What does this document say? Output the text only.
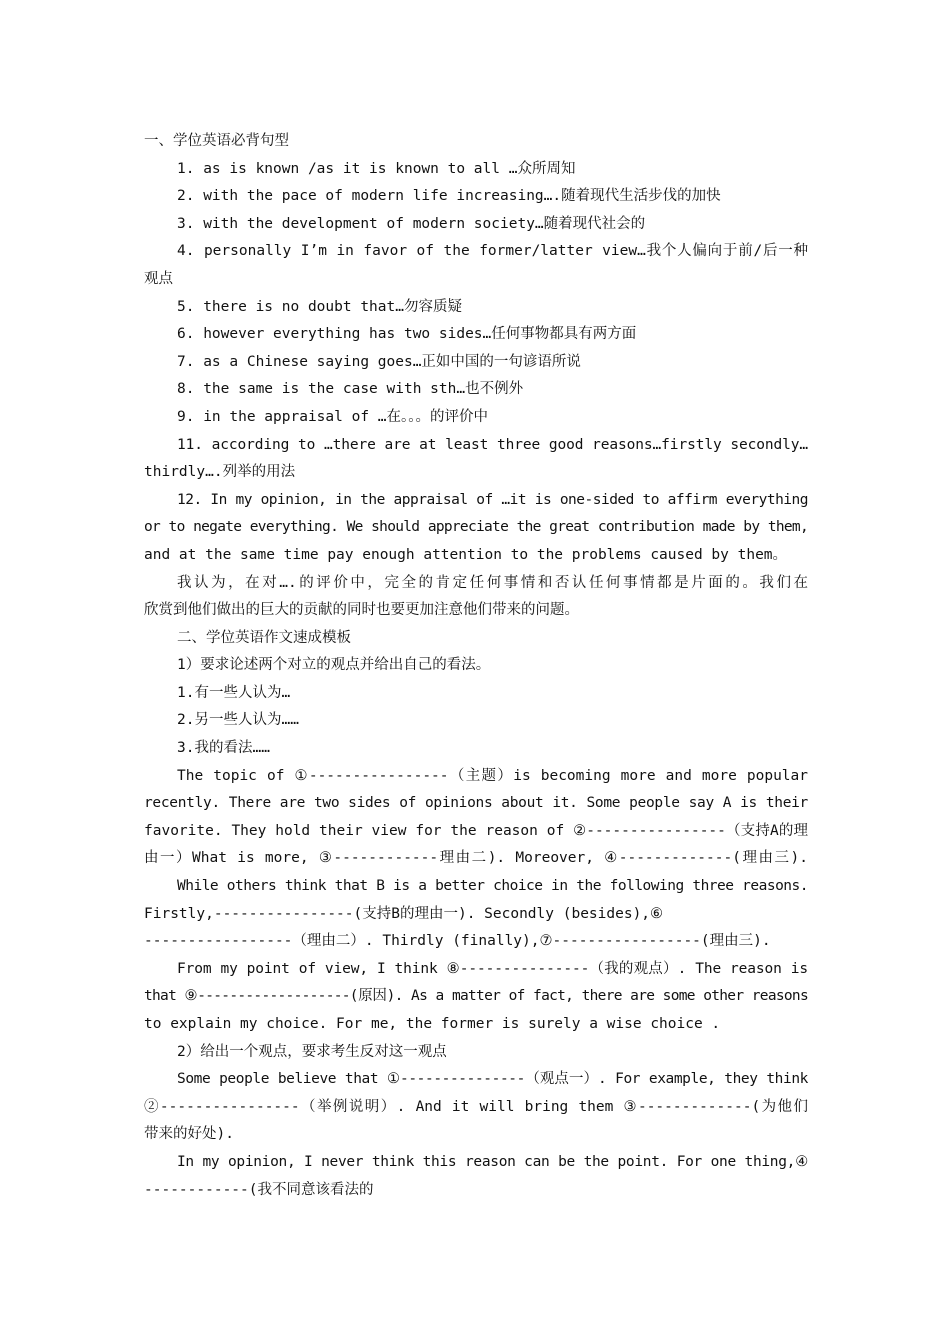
一、学位英语必背句型
1. as is known /as it is known to all …众所周知
2. with the pace of modern life increasing….随着现代生活步伐的加快
3. with the development of modern society…随着现代社会的
4. personally I’m in favor of the former/latter view…我个人偏向于前/后一种
观点
5. there is no doubt that…勿容质疑
6. however everything has two sides…任何事物都具有两方面
7. as a Chinese saying goes…正如中国的一句谚语所说
8. the same is the case with sth…也不例外
9. in the appraisal of …在。。。的评价中
11. according to …there are at least three good reasons…firstly secondly…
thirdly….列举的用法
12. In my opinion, in the appraisal of …it is one-sided to affirm everything
or to negate everything. We should appreciate the great contribution made by them,
and at the same time pay enough attention to the problems caused by them。
我认为，在对….的评价中，完全的肯定任何事情和否认任何事情都是片面的。我们在
欣赏到他们做出的巨大的贡献的同时也要更加注意他们带来的问题。
二、学位英语作文速成模板
1）要求论述两个对立的观点并给出自己的看法。
1.有一些人认为…
2.另一些人认为……
3.我的看法……
The topic of ①----------------（主题）is becoming more and more popular
recently. There are two sides of opinions about it. Some people say A is their
favorite. They hold their view for the reason of ②----------------（支持A的理
由一）What is more, ③------------理由二). Moreover, ④-------------(理由三).
While others think that B is a better choice in the following three reasons.
Firstly,----------------(支持B的理由一). Secondly (besides),⑥
-----------------（理由二）. Thirdly (finally),⑦-----------------(理由三).
From my point of view, I think ⑧---------------（我的观点）. The reason is
that ⑨-------------------(原因). As a matter of fact, there are some other reasons
to explain my choice. For me, the former is surely a wise choice .
2）给出一个观点，要求考生反对这一观点
Some people believe that ①---------------（观点一）. For example, they think
②----------------（举例说明）. And it will bring them ③-------------(为他们
带来的好处).
In my opinion, I never think this reason can be the point. For one thing,④
------------(我不同意该看法的
